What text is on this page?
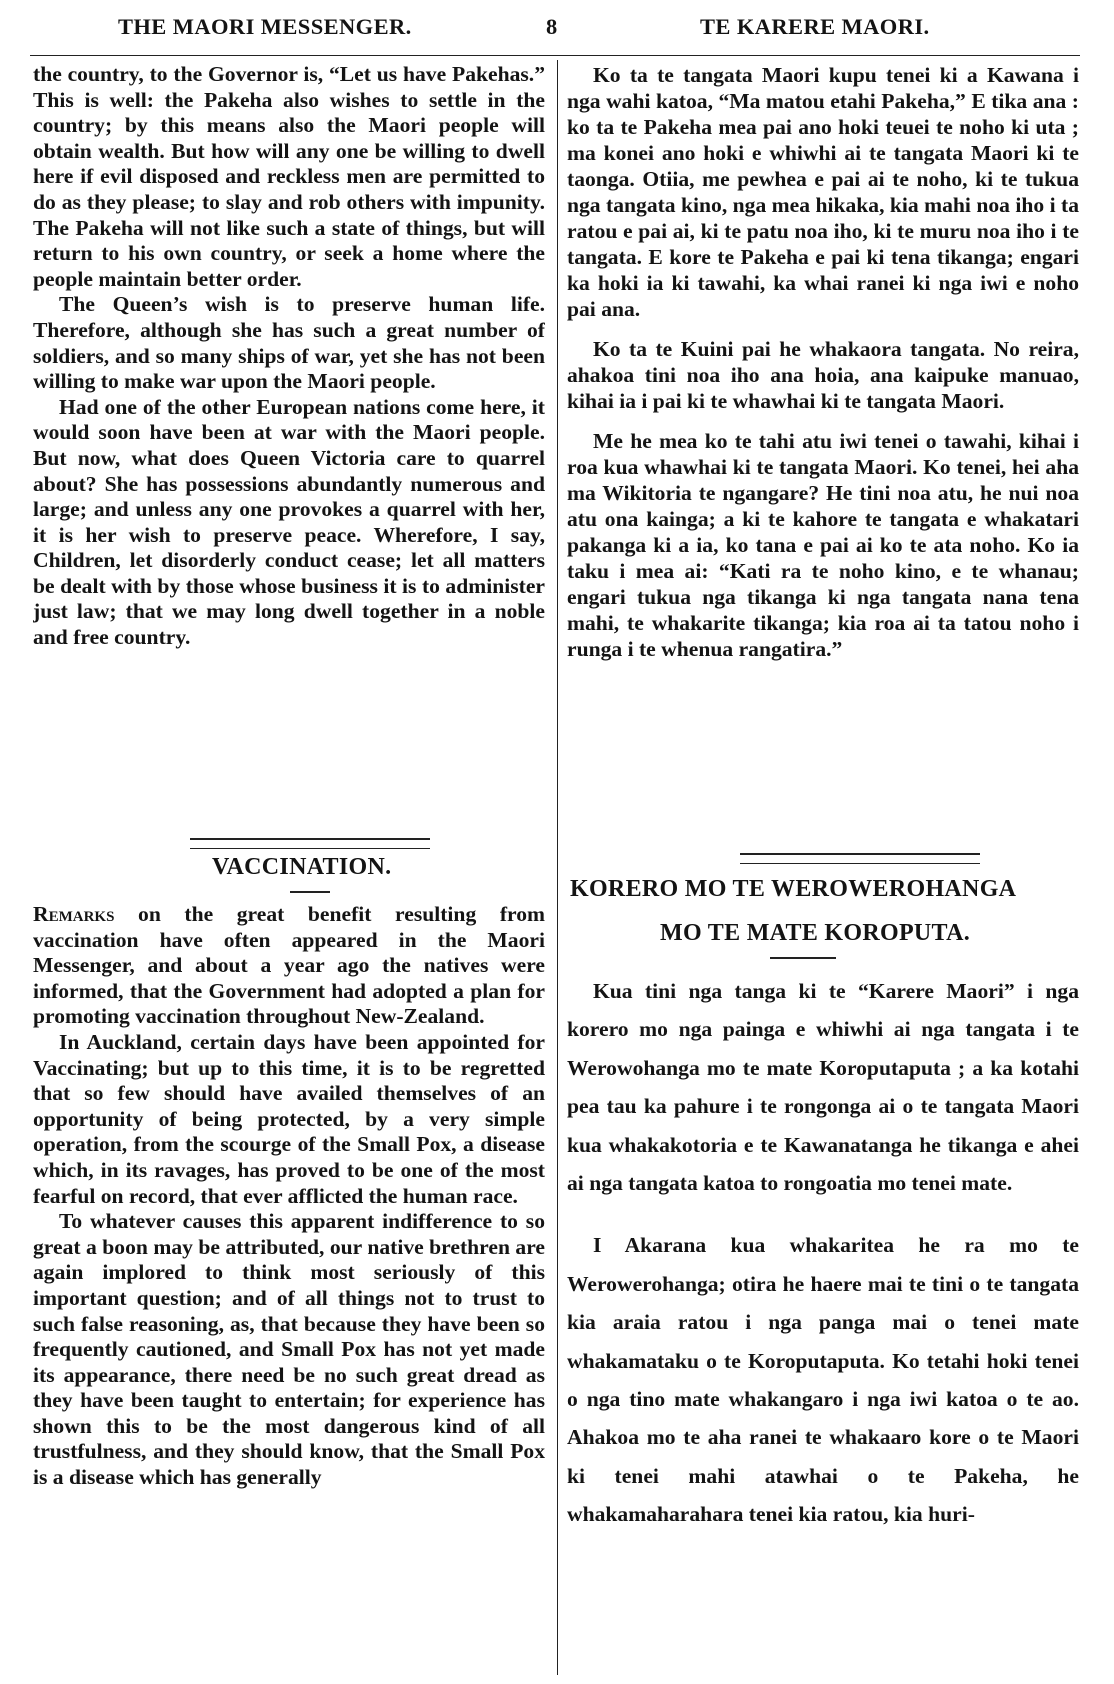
THE MAORI MESSENGER.	8	TE KARERE MAORI.

the country, to the Governor is, “Let us have Pakehas.” This is well: the Pakeha also wishes to settle in the country; by this means also the Maori people will obtain wealth. But how will any one be willing to dwell here if evil disposed and reckless men are permitted to do as they please; to slay and rob others with impunity. The Pakeha will not like such a state of things, but will return to his own country, or seek a home where the people maintain better order.

The Queen’s wish is to preserve human life. Therefore, although she has such a great number of soldiers, and so many ships of war, yet she has not been willing to make war upon the Maori people.

Had one of the other European nations come here, it would soon have been at war with the Maori people. But now, what does Queen Victoria care to quarrel about? She has possessions abundantly numerous and large; and unless any one provokes a quarrel with her, it is her wish to preserve peace. Wherefore, I say, Children, let disorderly conduct cease; let all matters be dealt with by those whose business it is to administer just law; that we may long dwell together in a noble and free country.

VACCINATION.

Remarks on the great benefit resulting from vaccination have often appeared in the Maori Messenger, and about a year ago the natives were informed, that the Government had adopted a plan for promoting vaccination throughout New-Zealand.

In Auckland, certain days have been appointed for Vaccinating; but up to this time, it is to be regretted that so few should have availed themselves of an opportunity of being protected, by a very simple operation, from the scourge of the Small Pox, a disease which, in its ravages, has proved to be one of the most fearful on record, that ever afflicted the human race.

To whatever causes this apparent indifference to so great a boon may be attributed, our native brethren are again implored to think most seriously of this important question; and of all things not to trust to such false reasoning, as, that because they have been so frequently cautioned, and Small Pox has not yet made its appearance, there need be no such great dread as they have been taught to entertain; for experience has shown this to be the most dangerous kind of all trustfulness, and they should know, that the Small Pox is a disease which has generally

Ko ta te tangata Maori kupu tenei ki a Kawana i nga wahi katoa, “Ma matou etahi Pakeha,” E tika ana : ko ta te Pakeha mea pai ano hoki teuei te noho ki uta ; ma konei ano hoki e whiwhi ai te tangata Maori ki te taonga. Otiia, me pewhea e pai ai te noho, ki te tukua nga tangata kino, nga mea hikaka, kia mahi noa iho i ta ratou e pai ai, ki te patu noa iho, ki te muru noa iho i te tangata. E kore te Pakeha e pai ki tena tikanga; engari ka hoki ia ki tawahi, ka whai ranei ki nga iwi e noho pai ana.

Ko ta te Kuini pai he whakaora tangata. No reira, ahakoa tini noa iho ana hoia, ana kaipuke manuao, kihai ia i pai ki te whawhai ki te tangata Maori.

Me he mea ko te tahi atu iwi tenei o tawahi, kihai i roa kua whawhai ki te tangata Maori. Ko tenei, hei aha ma Wikitoria te ngangare? He tini noa atu, he nui noa atu ona kainga; a ki te kahore te tangata e whakatari pakanga ki a ia, ko tana e pai ai ko te ata noho. Ko ia taku i mea ai: “Kati ra te noho kino, e te whanau; engari tukua nga tikanga ki nga tangata nana tena mahi, te whakarite tikanga; kia roa ai ta tatou noho i runga i te whenua rangatira.”

KORERO MO TE WEROWEROHANGA
MO TE MATE KOROPUTA.

Kua tini nga tanga ki te “Karere Maori” i nga korero mo nga painga e whiwhi ai nga tangata i te Werowohanga mo te mate Koroputaputa ; a ka kotahi pea tau ka pahure i te rongonga ai o te tangata Maori kua whakakotoria e te Kawanatanga he tikanga e ahei ai nga tangata katoa to rongoatia mo tenei mate.

I Akarana kua whakaritea he ra mo te Werowerohanga; otira he haere mai te tini o te tangata kia araia ratou i nga panga mai o tenei mate whakamataku o te Koroputaputa. Ko tetahi hoki tenei o nga tino mate whakangaro i nga iwi katoa o te ao. Ahakoa mo te aha ranei te whakaaro kore o te Maori ki tenei mahi atawhai o te Pakeha, he whakamaharahara tenei kia ratou, kia huri-
